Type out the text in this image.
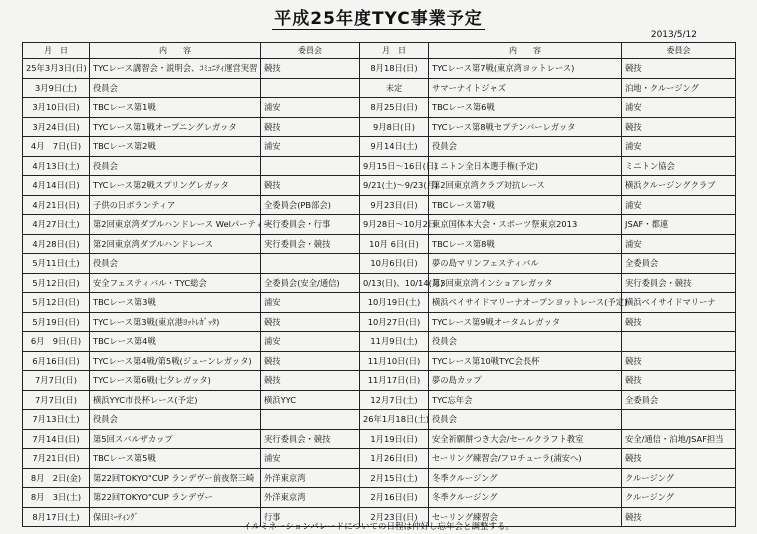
平成25年度TYC事業予定
2013/5/12
月　日	内　　容	委員会	月　日	内　　容	委員会
25年3月3日(日)	TYCレース講習会・説明会、ｺﾐｭﾆﾃｨ運営実習	競技	8月18日(日)	TYCレース第7戦(東京湾ヨットレース)	競技
3月9日(土)	役員会		未定	サマーナイトジャズ	泊地・クルージング
3月10日(日)	TBCレース第1戦	浦安	8月25日(日)	TBCレース第6戦	浦安
3月24日(日)	TYCレース第1戦オープニングレガッタ	競技	9月8日(日)	TYCレース第8戦セプテンバーレガッタ	競技
4月　7日(日)	TBCレース第2戦	浦安	9月14日(土)	役員会	浦安
4月13日(土)	役員会		9月15日～16日(日)	ミニトン全日本選手権(予定)	ミニトン協会
4月14日(日)	TYCレース第2戦スプリングレガッタ	競技	9/21(土)～9/23(月)	第2回東京湾クラブ対抗レース	横浜クルージングクラブ
4月21日(日)	子供の日ボランティア	全委員会(PB部会)	9月23日(日)	TBCレース第7戦	浦安
4月27日(土)	第2回東京湾ダブルハンドレース Welパーティー	実行委員会・行事	9月28日～10月2日	東京国体本大会・スポーツ祭東京2013	JSAF・都連
4月28日(日)	第2回東京湾ダブルハンドレース	実行委員会・競技	10月 6日(日)	TBCレース第8戦	浦安
5月11日(土)	役員会		10月6日(日)	夢の島マリンフェスティバル	全委員会
5月12日(日)	安全フェスティバル・TYC総会	全委員会(安全/通信)	0/13(日)、10/14(月)	第3回東京湾インショアレガッタ	実行委員会・競技
5月12日(日)	TBCレース第3戦	浦安	10月19日(土)	横浜ベイサイドマリーナオープンヨットレース(予定)	横浜ベイサイドマリーナ
5月19日(日)	TYCレース第3戦(東京港ﾖｯﾄﾚｶﾞｯﾀ)	競技	10月27日(日)	TYCレース第9戦オータムレガッタ	競技
6月　9日(日)	TBCレース第4戦	浦安	11月9日(土)	役員会	
6月16日(日)	TYCレース第4戦/第5戦(ジューンレガッタ)	競技	11月10日(日)	TYCレース第10戦TYC会長杯	競技
7月7日(日)	TYCレース第6戦(七夕レガッタ)	競技	11月17日(日)	夢の島カップ	競技
7月7日(日)	横浜YYC市長杯レース(予定)	横浜YYC	12月7日(土)	TYC忘年会	全委員会
7月13日(土)	役員会		26年1月18日(土)	役員会	
7月14日(日)	第5回スバルザカップ	実行委員会・競技	1月19日(日)	安全祈願餅つき大会/セールクラフト教室	安全/通信・泊地/JSAF担当
7月21日(日)	TBCレース第5戦	浦安	1月26日(日)	セーリング練習会/フロチューラ(浦安へ)	競技
8月　2日(金)	第22回TOKYO"CUP ランデヴー前夜祭三崎	外洋東京湾	2月15日(土)	冬季クルージング	クルージング
8月　3日(土)	第22回TOKYO"CUP ランデヴー	外洋東京湾	2月16日(日)	冬季クルージング	クルージング
8月17日(土)	保田ﾐｰﾃｨﾝｸﾞ	行事	2月23日(日)	セーリング練習会	競技
イルミネーションパレードについての日程は仲好し忘年会と調整する。
